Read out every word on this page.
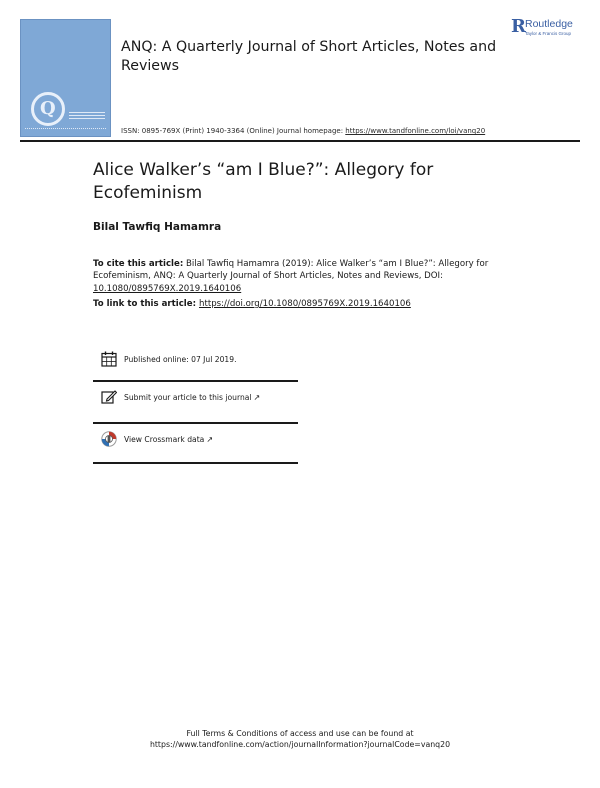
Q
ANQ: A Quarterly Journal of Short Articles, Notes and Reviews
R Routledge
Taylor & Francis Group
ISSN: 0895-769X (Print) 1940-3364 (Online) Journal homepage: https://www.tandfonline.com/loi/vanq20
Alice Walker’s “am I Blue?”: Allegory for Ecofeminism
Bilal Tawfiq Hamamra
To cite this article: Bilal Tawfiq Hamamra (2019): Alice Walker’s “am I Blue?”: Allegory for Ecofeminism, ANQ: A Quarterly Journal of Short Articles, Notes and Reviews, DOI: 10.1080/0895769X.2019.1640106
To link to this article: https://doi.org/10.1080/0895769X.2019.1640106
Published online: 07 Jul 2019.
Submit your article to this journal ↗
View Crossmark data ↗
Full Terms & Conditions of access and use can be found at
https://www.tandfonline.com/action/journalInformation?journalCode=vanq20
